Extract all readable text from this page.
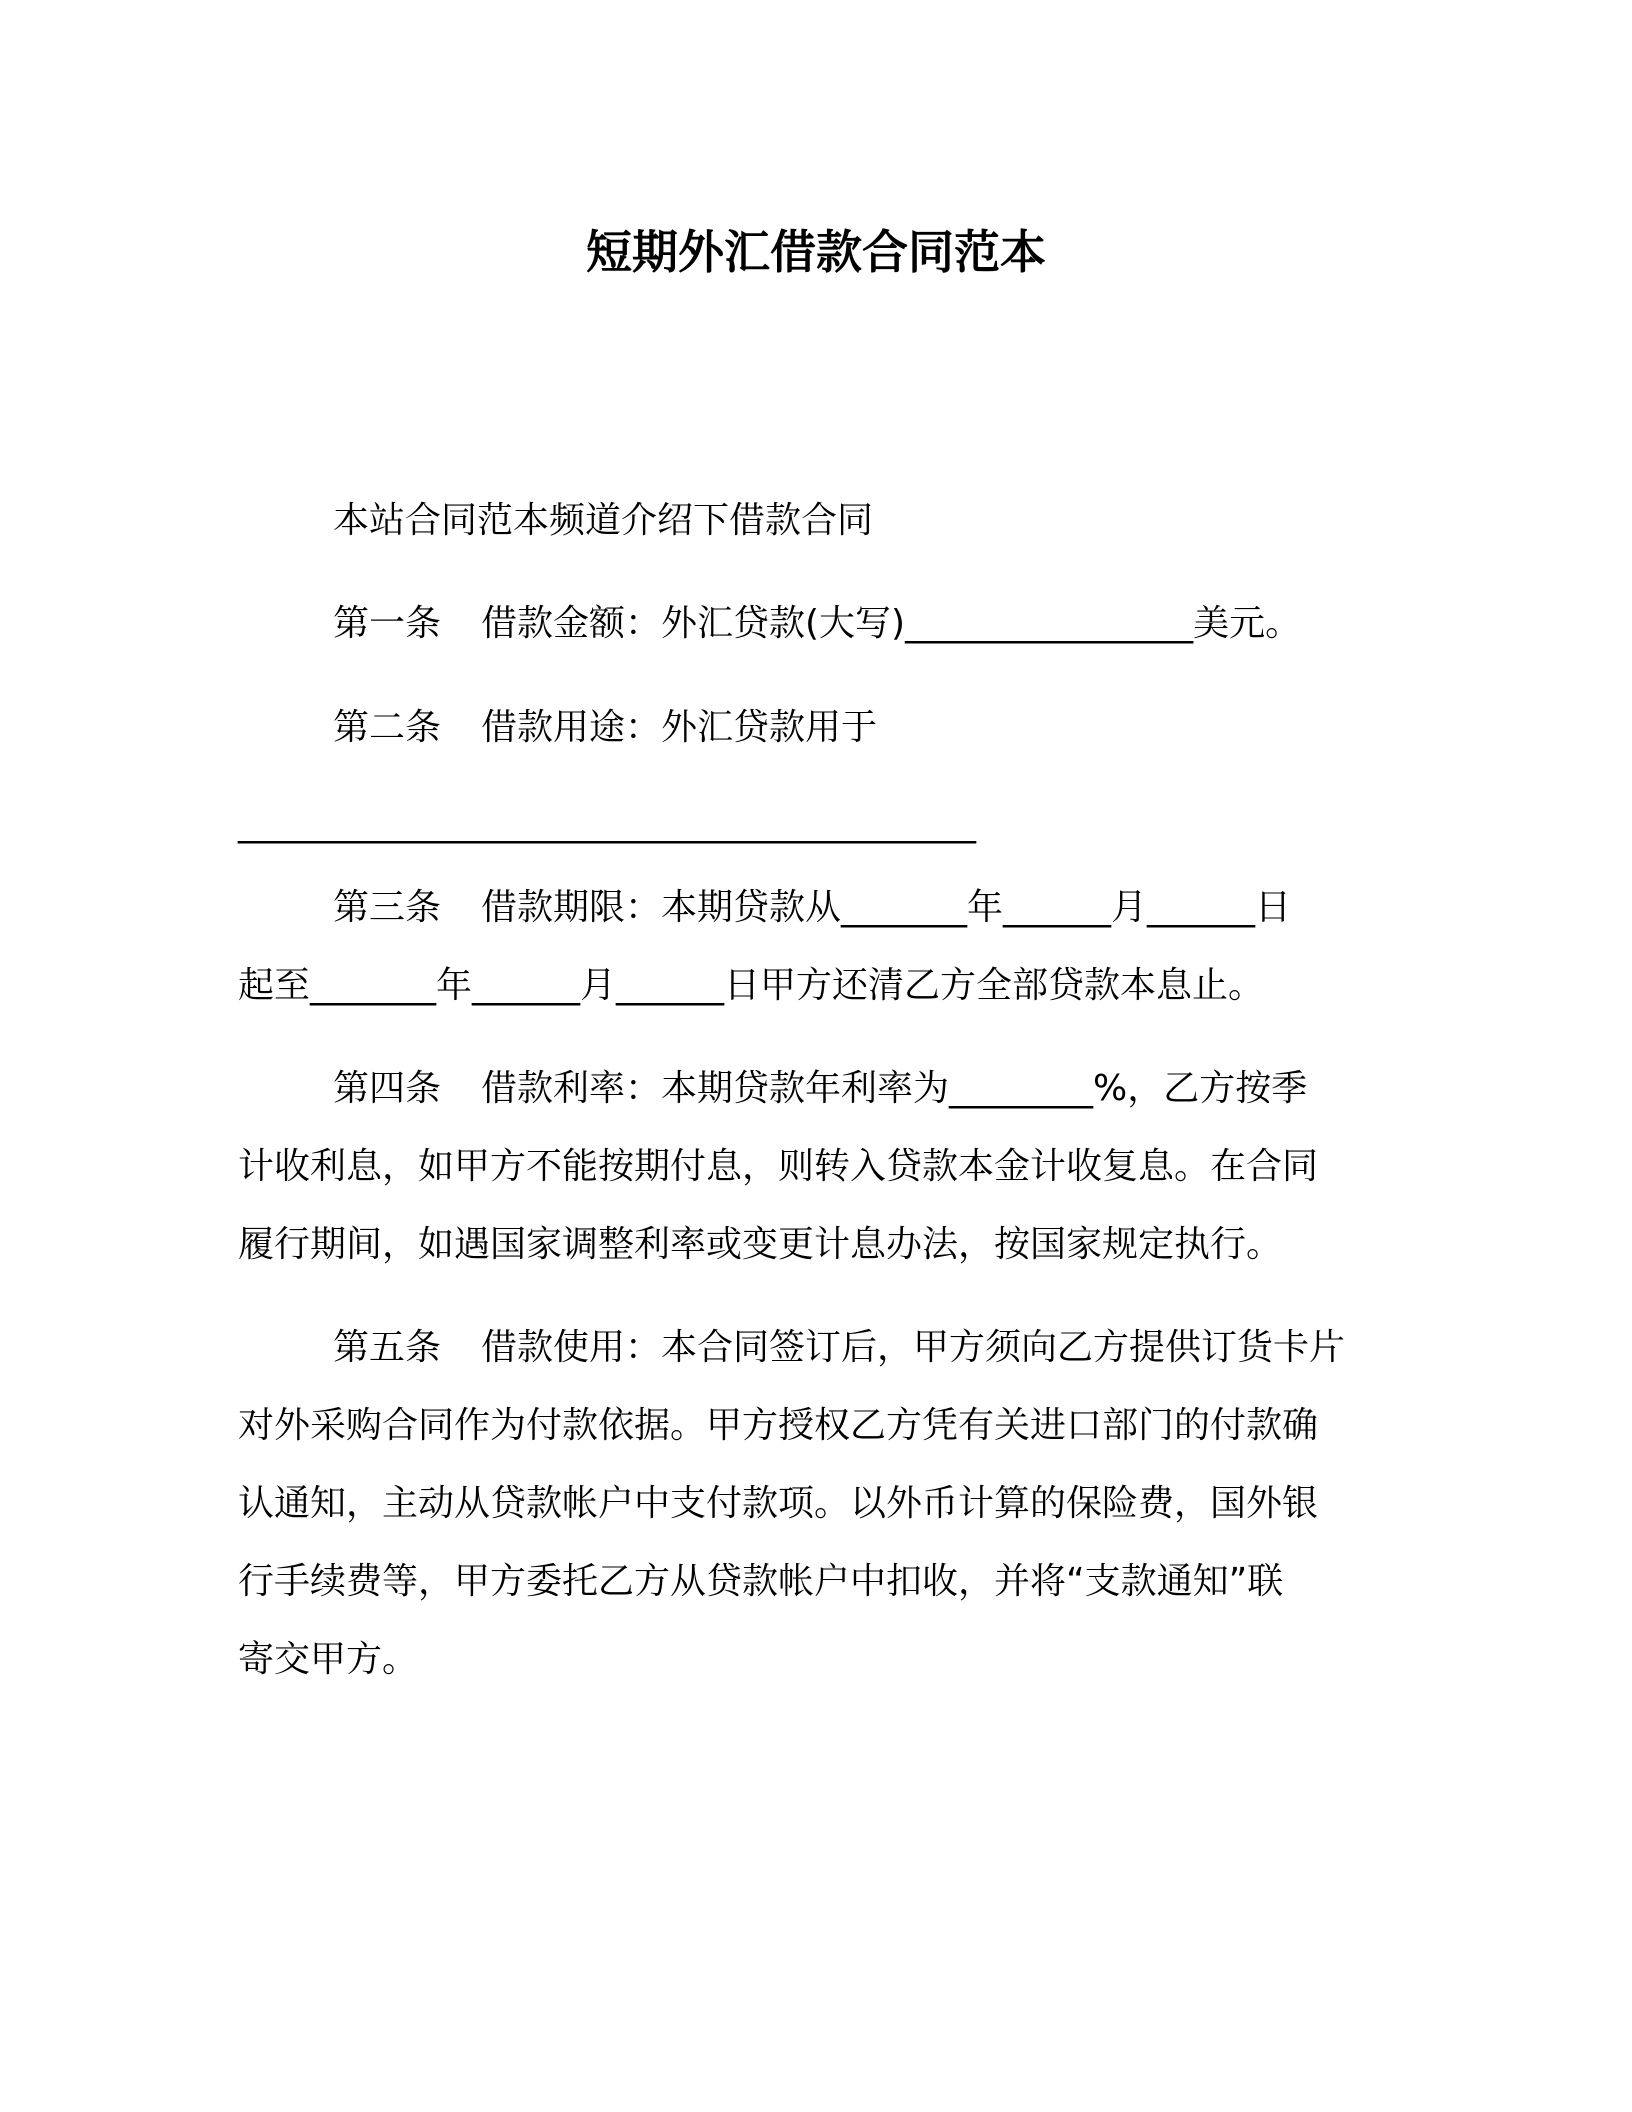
短期外汇借款合同范本
本站合同范本频道介绍下借款合同
第一条 借款金额：外汇贷款(大写)________________美元。
第二条 借款用途：外汇贷款用于
_________________________________________
第三条 借款期限：本期贷款从_______年______月______日
起至_______年______月______日甲方还清乙方全部贷款本息止。
第四条 借款利率：本期贷款年利率为________%，乙方按季
计收利息，如甲方不能按期付息，则转入贷款本金计收复息。在合同
履行期间，如遇国家调整利率或变更计息办法，按国家规定执行。
第五条 借款使用：本合同签订后，甲方须向乙方提供订货卡片
对外采购合同作为付款依据。甲方授权乙方凭有关进口部门的付款确
认通知，主动从贷款帐户中支付款项。以外币计算的保险费，国外银
行手续费等，甲方委托乙方从贷款帐户中扣收，并将“支款通知”联
寄交甲方。
